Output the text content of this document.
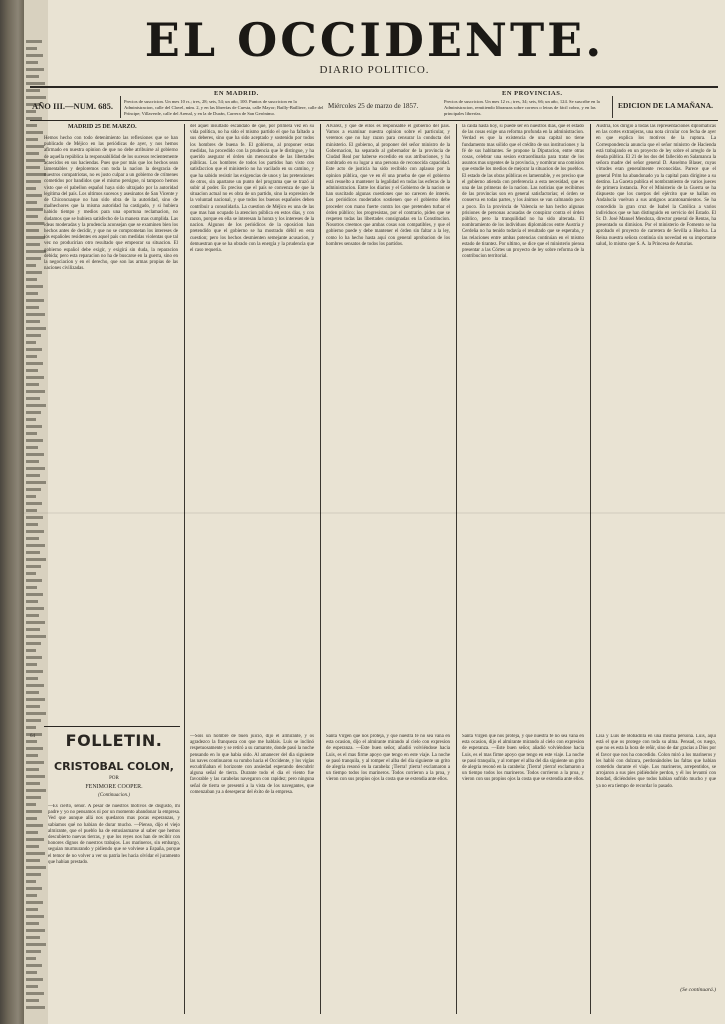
EL OCCIDENTE.
DIARIO POLITICO.
EN MADRID.	EN PROVINCIAS.
AÑO III.—NUM. 685. Precios de suscricion. Un mes 10 rs.; tres, 28; seis, 54; un año, 100. Puntos de suscricion en la Administracion, calle del Clavel, núm. 2, y en las librerías de Cuesta, calle Mayor; Bailly-Bailliere, calle del Príncipe; Villaverde, calle del Arenal, y en la de Durán, Carrera de San Gerónimo.
Miércoles 25 de marzo de 1857.
Precios de suscricion. Un mes 12 rs.; tres, 34; seis, 66; un año, 124. Se suscribe en la Administracion, remitiendo libranzas sobre correos o letras de fácil cobro, y en las principales librerías.
EDICION DE LA MAÑANA.
MADRID 25 DE MARZO.
Hemos hecho con todo detenimiento las reflexiones que se han publicado de Méjico en las periódicas de ayer, y nos hemos afirmado en nuestra opinion de que no debe atribuirse al gobierno de aquella república la responsabilidad de los sucesos recientemente acaecidos en sus haciendas. Pues que por más que los hechos sean lamentables y deploremos con toda la nacion la desgracia de nuestros compatriotas, no es justo culpar a un gobierno de crímenes cometidos por bandidos que el mismo persigue, ni tampoco hemos visto que el pabellon español haya sido ultrajado por la autoridad legítima del país. Los ultimos sucesos y asesinatos de San Vicente y de Chiconcuaque no han sido obra de la autoridad, sino de malhechores que la misma autoridad ha castigado, y si hubiera habido tiempo y medios para una oportuna reclamacion, no dudamos que se hubiera satisfecho de la manera mas cumplida. Las ideas moderadas y la prudencia aconsejan que se examinen bien los hechos antes de decidir, y que no se comprometan los intereses de los españoles residentes en aquel país con medidas violentas que tal vez no producirian otro resultado que empeorar su situacion. El gobierno español debe exigir, y exigirá sin duda, la reparacion debida; pero esta reparacion no ha de buscarse en la guerra, sino en la negociacion y en el derecho, que son las armas propias de las naciones civilizadas.
del aquel insultado escándalo de que, por primera vez en su vida política, no ha sido el mismo partido el que ha faltado a sus deberes, sino que ha sido aceptado y sostenido por todos los hombres de buena fe. El gobierno, al proponer estas medidas, ha procedido con la prudencia que le distingue, y ha querido asegurar el órden sin menoscabo de las libertades públicas. Los hombres de todos los partidos han visto con satisfaccion que el ministerio no ha vacilado en su camino, y que ha sabido resistir las exigencias de unos y las pretensiones de otros, sin apartarse un punto del programa que se trazó al subir al poder. Es preciso que el país se convenza de que la situacion actual no es obra de un partido, sino la expresion de la voluntad nacional, y que todos los buenos españoles deben contribuir a consolidarla. La cuestion de Méjico es una de las que mas han ocupado la atencion pública en estos dias, y con razon, porque en ella se interesan la honra y los intereses de la nacion. Algunos de los periódicos de la oposicion han pretendido que el gobierno se ha mostrado débil en esta cuestion; pero los hechos desmienten semejante acusacion, y demuestran que se ha obrado con la energía y la prudencia que el caso requeria.
Alvarez, y que de ellos es responsable el gobierno del país. Vamos a examinar nuestra opinion sobre el particular, y veremos que no hay razon para censurar la conducta del ministerio. El gobierno, al proponer del señor ministro de la Gobernacion, ha separado al gobernador de la provincia de Ciudad Real por haberse excedido en sus atribuciones, y ha nombrado en su lugar a una persona de reconocida capacidad. Este acto de justicia ha sido recibido con aplauso por la opinion pública, que ve en él una prueba de que el gobierno está resuelto a mantener la legalidad en todas las esferas de la administracion. Entre los diarios y el Gobierno de la nacion se han suscitado algunas cuestiones que no carecen de interés. Los periódicos moderados sostienen que el gobierno debe proceder con mano fuerte contra los que pretenden turbar el órden público; los progresistas, por el contrario, piden que se respeten todas las libertades consignadas en la Constitucion. Nosotros creemos que ambas cosas son compatibles, y que el gobierno puede y debe mantener el órden sin faltar a la ley, como lo ha hecho hasta aquí con general aprobacion de los hombres sensatos de todos los partidos.
la caída hasta hoy, si puede ser en nuestros dias, que el estado de las cosas exige una reforma profunda en la administracion. Verdad es que la existencia de una capital no tiene fundamento mas sólido que el crédito de sus instituciones y la fé de sus habitantes. Se propone la Diputacion, entre otras cosas, celebrar una sesion extraordinaria para tratar de los asuntos mas urgentes de la provincia, y nombrar una comision que estudie los medios de mejorar la situacion de los pueblos. El estado de las obras públicas es lamentable, y es preciso que el gobierno atienda con preferencia a esta necesidad, que es una de las primeras de la nacion. Las noticias que recibimos de las provincias son en general satisfactorias; el órden se conserva en todas partes, y los ánimos se van calmando poco a poco. En la provincia de Valencia se han hecho algunas prisiones de personas acusadas de conspirar contra el órden público, pero la tranquilidad no ha sido alterada. El nombramiento de los individuos diplomáticos entre Austria y Cerdeña no ha tenido todavía el resultado que se esperaba, y las relaciones entre ambas potencias continúan en el mismo estado de tirantez. Por ultimo, se dice que el ministerio piensa presentar a las Córtes un proyecto de ley sobre reforma de la contribucion territorial.
Austria, los dirigió á todas las representaciones diplomáticas en las cortes extranjeras, una nota circular con fecha de ayer en que explica los motivos de la ruptura. La Correspondencia anuncia que el señor ministro de Hacienda está trabajando en un proyecto de ley sobre el arreglo de la deuda pública. El 21 de los dos del fallecido en Salamanca la señora madre del señor general D. Anselmo Blaser, cuyas virtudes eran generalmente reconocidas. Parece que el general Prim ha abandonado ya la capital para dirigirse a su destino. La Gaceta publica el nombramiento de varios jueces de primera instancia. Por el Ministerio de la Guerra se ha dispuesto que los cuerpos del ejército que se hallan en Andalucía vuelvan a sus antiguos acantonamientos. Se ha concedido la gran cruz de Isabel la Católica a varios individuos que se han distinguido en servicio del Estado. El Sr. D. José Manuel Mendoza, director general de Rentas, ha presentado su dimision. Por el ministerio de Fomento se ha aprobado el proyecto de carretera de Sevilla a Huelva. La Reina nuestra señora continúa sin novedad en su importante salud, lo mismo que S. A. la Princesa de Asturias.
64	FOLLETIN.
CRISTOBAL COLON,
POR
FENIMORE COOPER.
(Continuacion.)
—Es cierto, señor. A pesar de nuestros motivos de disgusto, mi padre y yo no pensamos ni por un momento abandonar la empresa. Ved que aunque allá nos quedaron mas pocas esperanzas, y sabiamos qué no habian de durar mucho. —Pienso, dijo el viejo almirante, que el pueblo ha de entusiasmarse al saber que hemos descubierto nuevas tierras, y que los reyes nos han de recibir con honores dignos de nuestros trabajos. Los marineros, sin embargo, seguian murmurando y pidiendo que se volviese a España, porque el temor de no volver a ver su patria les hacia olvidar el juramento que habian prestado.
—Sois un hombre de buen juicio, dijo el almirante, y os agradezco la franqueza con que me hablais. Luis se inclinó respetuosamente y se retiró a su camarote, donde pasó la noche pensando en lo que habia oido. Al amanecer del dia siguiente las naves continuaron su rumbo hacia el Occidente, y los vigías escudriñaban el horizonte con ansiedad esperando descubrir alguna señal de tierra. Durante todo el dia el viento fue favorable y las carabelas navegaron con rapidez; pero ninguna señal de tierra se presentó a la vista de los navegantes, que comenzaban ya a desesperar del éxito de la empresa.
Santa Virgen que nos proteja, y que nuestra fé no sea vana en esta ocasion, dijo el almirante mirando al cielo con expresion de esperanza. —Este buen señor, añadió volviéndose hacia Luis, es el mas firme apoyo que tengo en este viaje. La noche se pasó tranquila, y al romper el alba del dia siguiente un grito de alegria resonó en la carabela: ¡Tierra! ¡tierra! exclamaron a un tiempo todos los marineros. Todos corrieron a la proa, y vieron con sus propios ojos la costa que se extendia ante ellos.
Santa Virgen que nos proteja, y que nuestra fé no sea vana en esta ocasion, dijo el almirante mirando al cielo con expresion de esperanza. —Este buen señor, añadió volviéndose hacia Luis, es el mas firme apoyo que tengo en este viaje. La noche se pasó tranquila, y al romper el alba del dia siguiente un grito de alegria resonó en la carabela: ¡Tierra! ¡tierra! exclamaron a un tiempo todos los marineros. Todos corrieron a la proa, y vieron con sus propios ojos la costa que se extendia ante ellos.
Lisa y Luis de Bobadilla en una misma persona. Luis, aquí está el que os protege con toda su alma. Pensad, os ruego, que no es esta la hora de reñir, sino de dar gracias a Dios por el favor que nos ha concedido. Colon miró a los marineros y les habló con dulzura, perdonándoles las faltas que habian cometido durante el viaje. Los marineros, arrepentidos, se arrojaron a sus pies pidiéndole perdon, y él los levantó con bondad, diciéndoles que todos habian sufrido mucho y que ya no era tiempo de recordar lo pasado.
(Se continuará.)
